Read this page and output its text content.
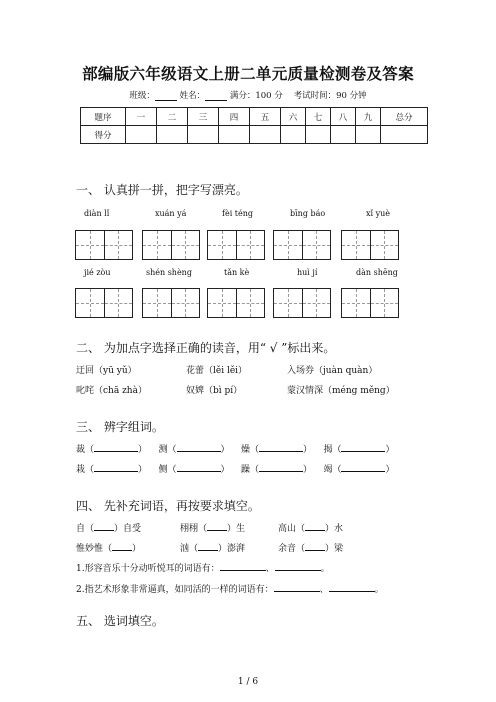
部编版六年级语文上册二单元质量检测卷及答案
班级：	姓名：	满分：100 分 考试时间：90 分钟
题序	一	二	三	四	五	六	七	八	九	总分
得分										
一、 认真拼一拼，把字写漂亮。
diàn lǐ	xuán yá	fèi téng	bīng báo	xǐ yuè
jié zòu	shén shèng	tǎn kè	huì jí	dàn shēng
二、 为加点字选择正确的读音，用“ √ ”标出来。
迂回（yū yǔ）	花蕾（lěi lěi）	入场券（juàn quàn）
叱咤（chā zhà）	奴婢（bì pí）	蒙汉情深（méng měng）
三、 辨字组词。
裁（	） 测（	） 燥（	） 揭（	）
栽（	） 侧（	） 躁（	） 竭（	）
四、 先补充词语，再按要求填空。
自（ ）自受	栩栩（ ）生	高山（ ）水
惟妙惟（ ）	汹（ ）澎湃	余音（ ）梁
1.形容音乐十分动听悦耳的词语有：	、	。
2.指艺术形象非常逼真，如同活的一样的词语有：	、	。
五、 选词填空。
1 / 6
